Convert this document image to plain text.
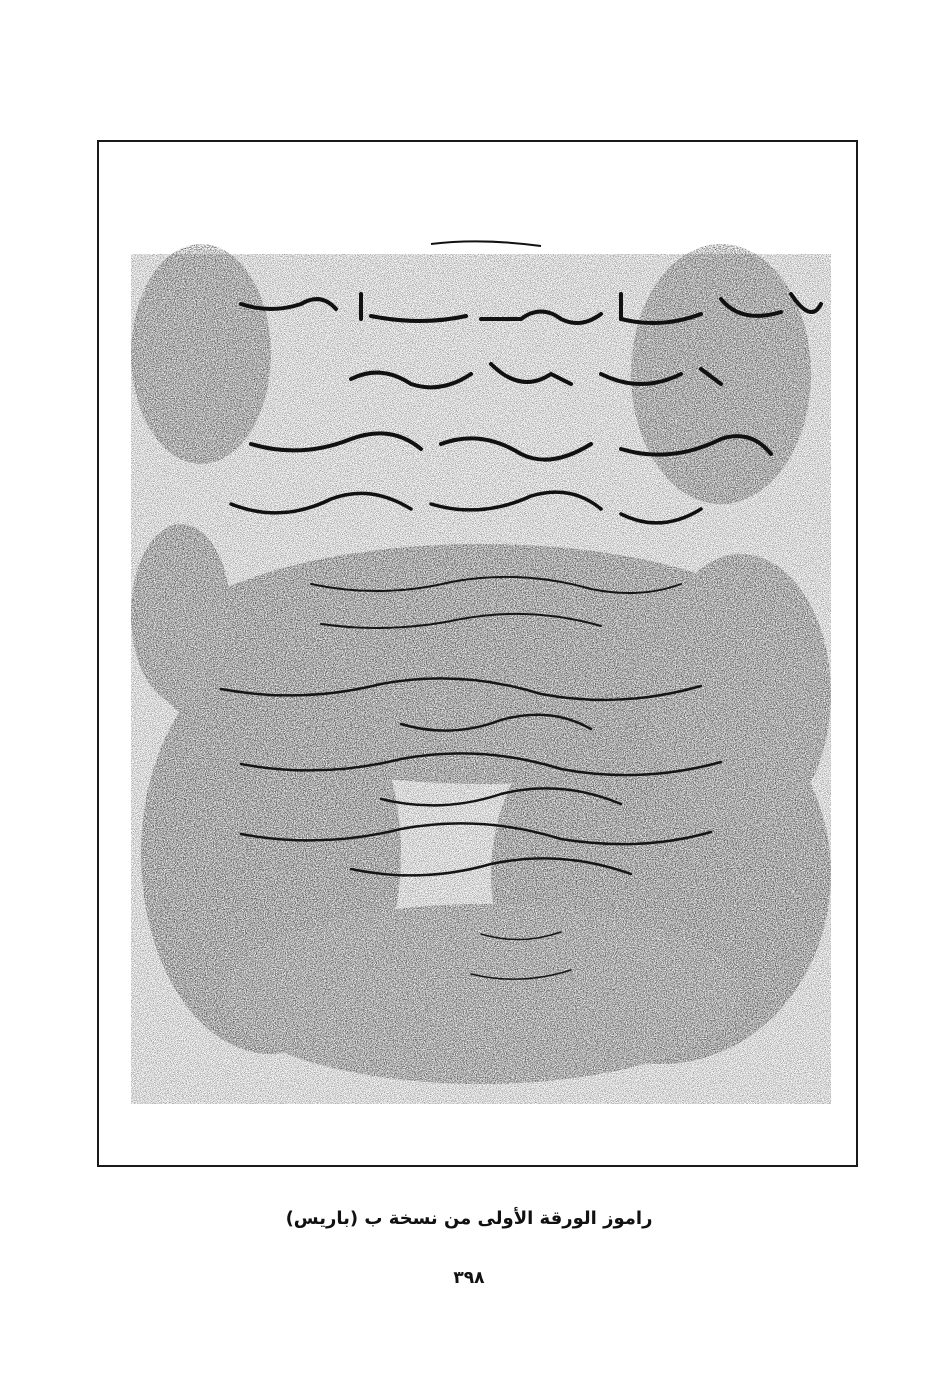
راموز الورقة الأولى من نسخة ب (باريس)
٣٩٨
